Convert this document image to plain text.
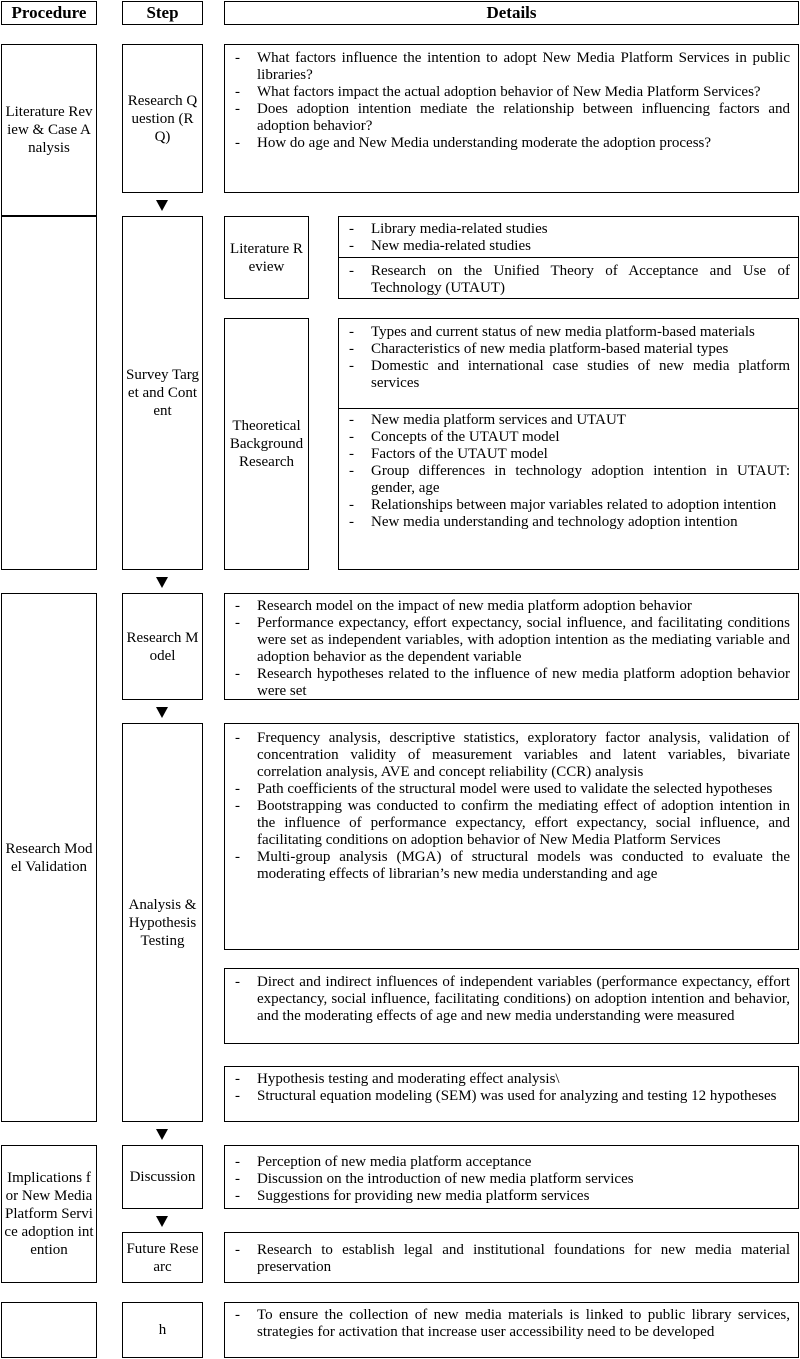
Procedure	Step	Details
Literature Review & Case Analysis
Research Model Validation
Implications for New Media Platform Service adoption intention
Research Question (RQ)
Survey Target and Content
Research Model
Analysis & Hypothesis Testing
Discussion
Future Researc
h
Literature Review
Theoretical Background Research
- What factors influence the intention to adopt New Media Platform Services in public libraries?
- What factors impact the actual adoption behavior of New Media Platform Services?
- Does adoption intention mediate the relationship between influencing factors and adoption behavior?
- How do age and New Media understanding moderate the adoption process?
- Library media-related studies
- New media-related studies
- Research on the Unified Theory of Acceptance and Use of Technology (UTAUT)
- Types and current status of new media platform-based materials
- Characteristics of new media platform-based material types
- Domestic and international case studies of new media platform services
- New media platform services and UTAUT
- Concepts of the UTAUT model
- Factors of the UTAUT model
- Group differences in technology adoption intention in UTAUT: gender, age
- Relationships between major variables related to adoption intention
- New media understanding and technology adoption intention
- Research model on the impact of new media platform adoption behavior
- Performance expectancy, effort expectancy, social influence, and facilitating conditions were set as independent variables, with adoption intention as the mediating variable and adoption behavior as the dependent variable
- Research hypotheses related to the influence of new media platform adoption behavior were set
- Frequency analysis, descriptive statistics, exploratory factor analysis, validation of concentration validity of measurement variables and latent variables, bivariate correlation analysis, AVE and concept reliability (CCR) analysis
- Path coefficients of the structural model were used to validate the selected hypotheses
- Bootstrapping was conducted to confirm the mediating effect of adoption intention in the influence of performance expectancy, effort expectancy, social influence, and facilitating conditions on adoption behavior of New Media Platform Services
- Multi-group analysis (MGA) of structural models was conducted to evaluate the moderating effects of librarian’s new media understanding and age
- Direct and indirect influences of independent variables (performance expectancy, effort expectancy, social influence, facilitating conditions) on adoption intention and behavior, and the moderating effects of age and new media understanding were measured
- Hypothesis testing and moderating effect analysis\
- Structural equation modeling (SEM) was used for analyzing and testing 12 hypotheses
- Perception of new media platform acceptance
- Discussion on the introduction of new media platform services
- Suggestions for providing new media platform services
- Research to establish legal and institutional foundations for new media material preservation
- To ensure the collection of new media materials is linked to public library services, strategies for activation that increase user accessibility need to be developed
